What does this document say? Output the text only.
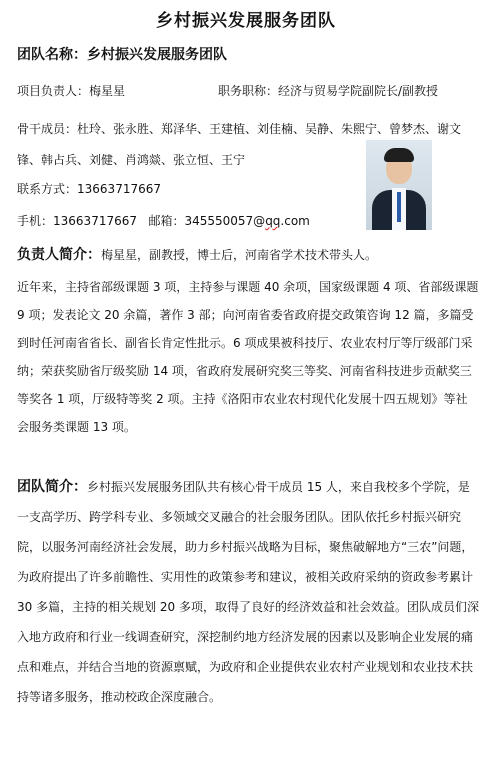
乡村振兴发展服务团队
团队名称：乡村振兴发展服务团队
项目负责人：梅星星	职务职称：经济与贸易学院副院长/副教授
骨干成员：杜玲、张永胜、郑泽华、王建植、刘佳楠、吴静、朱熙宁、曾梦杰、谢文锋、韩占兵、刘健、肖鸿燚、张立恒、王宁
联系方式：13663717667
手机：13663717667 邮箱：345550057@qq.com
负责人简介：梅星星，副教授，博士后，河南省学术技术带头人。
近年来，主持省部级课题 3 项，主持参与课题 40 余项，国家级课题 4 项、省部级课题 9 项；发表论文 20 余篇，著作 3 部；向河南省委省政府提交政策咨询 12 篇，多篇受到时任河南省省长、副省长肯定性批示。6 项成果被科技厅、农业农村厅等厅级部门采纳；荣获奖励省厅级奖励 14 项，省政府发展研究奖三等奖、河南省科技进步贡献奖三等奖各 1 项，厅级特等奖 2 项。主持《洛阳市农业农村现代化发展十四五规划》等社会服务类课题 13 项。
团队简介：乡村振兴发展服务团队共有核心骨干成员 15 人，来自我校多个学院，是一支高学历、跨学科专业、多领域交叉融合的社会服务团队。团队依托乡村振兴研究院，以服务河南经济社会发展，助力乡村振兴战略为目标，聚焦破解地方“三农”问题，为政府提出了许多前瞻性、实用性的政策参考和建议，被相关政府采纳的资政参考累计 30 多篇，主持的相关规划 20 多项，取得了良好的经济效益和社会效益。团队成员们深入地方政府和行业一线调查研究，深挖制约地方经济发展的因素以及影响企业发展的痛点和难点，并结合当地的资源禀赋，为政府和企业提供农业农村产业规划和农业技术扶持等诸多服务，推动校政企深度融合。
